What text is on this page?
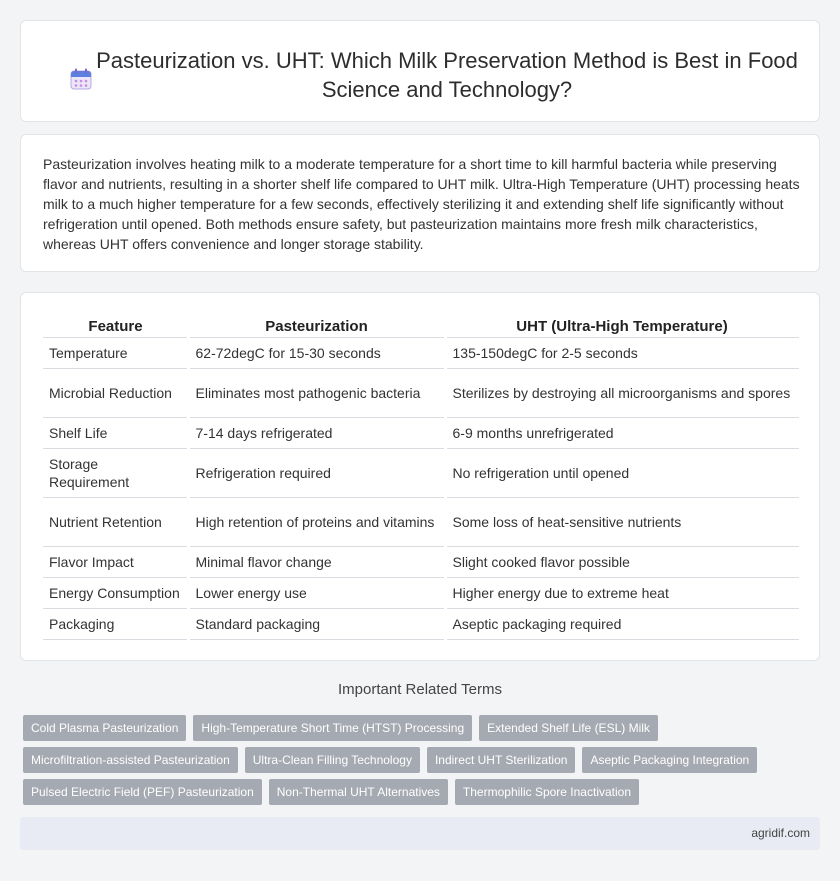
Pasteurization vs. UHT: Which Milk Preservation Method is Best in Food Science and Technology?

Pasteurization involves heating milk to a moderate temperature for a short time to kill harmful bacteria while preserving flavor and nutrients, resulting in a shorter shelf life compared to UHT milk. Ultra-High Temperature (UHT) processing heats milk to a much higher temperature for a few seconds, effectively sterilizing it and extending shelf life significantly without refrigeration until opened. Both methods ensure safety, but pasteurization maintains more fresh milk characteristics, whereas UHT offers convenience and longer storage stability.

Feature	Pasteurization	UHT (Ultra-High Temperature)
Temperature	62-72degC for 15-30 seconds	135-150degC for 2-5 seconds
Microbial Reduction	Eliminates most pathogenic bacteria	Sterilizes by destroying all microorganisms and spores
Shelf Life	7-14 days refrigerated	6-9 months unrefrigerated
Storage Requirement	Refrigeration required	No refrigeration until opened
Nutrient Retention	High retention of proteins and vitamins	Some loss of heat-sensitive nutrients
Flavor Impact	Minimal flavor change	Slight cooked flavor possible
Energy Consumption	Lower energy use	Higher energy due to extreme heat
Packaging	Standard packaging	Aseptic packaging required
Important Related Terms
Cold Plasma Pasteurization	High-Temperature Short Time (HTST) Processing	Extended Shelf Life (ESL) Milk
Microfiltration-assisted Pasteurization	Ultra-Clean Filling Technology	Indirect UHT Sterilization	Aseptic Packaging Integration
Pulsed Electric Field (PEF) Pasteurization	Non-Thermal UHT Alternatives	Thermophilic Spore Inactivation
agridif.com
